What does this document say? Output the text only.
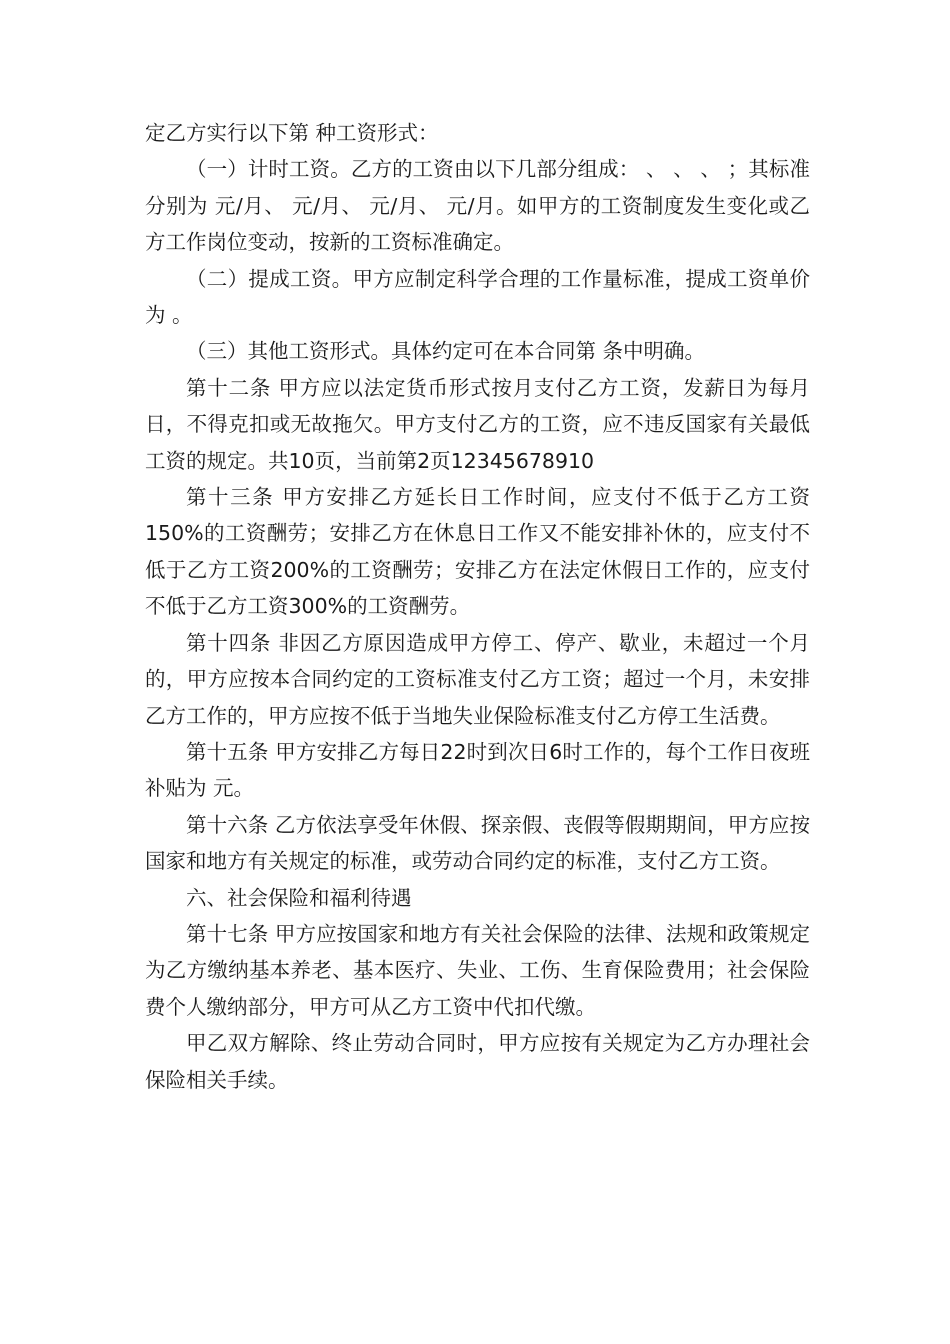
定乙方实行以下第 种工资形式：

（一）计时工资。乙方的工资由以下几部分组成： 、 、 、 ；其标准分别为 元/月、 元/月、 元/月、 元/月。如甲方的工资制度发生变化或乙方工作岗位变动，按新的工资标准确定。

（二）提成工资。甲方应制定科学合理的工作量标准，提成工资单价为 。

（三）其他工资形式。具体约定可在本合同第 条中明确。

第十二条 甲方应以法定货币形式按月支付乙方工资，发薪日为每月 日，不得克扣或无故拖欠。甲方支付乙方的工资，应不违反国家有关最低工资的规定。共10页，当前第2页12345678910

第十三条 甲方安排乙方延长日工作时间，应支付不低于乙方工资150%的工资酬劳；安排乙方在休息日工作又不能安排补休的，应支付不低于乙方工资200%的工资酬劳；安排乙方在法定休假日工作的，应支付不低于乙方工资300%的工资酬劳。

第十四条 非因乙方原因造成甲方停工、停产、歇业，未超过一个月的，甲方应按本合同约定的工资标准支付乙方工资；超过一个月，未安排乙方工作的，甲方应按不低于当地失业保险标准支付乙方停工生活费。

第十五条 甲方安排乙方每日22时到次日6时工作的，每个工作日夜班补贴为 元。

第十六条 乙方依法享受年休假、探亲假、丧假等假期期间，甲方应按国家和地方有关规定的标准，或劳动合同约定的标准，支付乙方工资。

六、社会保险和福利待遇

第十七条 甲方应按国家和地方有关社会保险的法律、法规和政策规定为乙方缴纳基本养老、基本医疗、失业、工伤、生育保险费用；社会保险费个人缴纳部分，甲方可从乙方工资中代扣代缴。

甲乙双方解除、终止劳动合同时，甲方应按有关规定为乙方办理社会保险相关手续。
